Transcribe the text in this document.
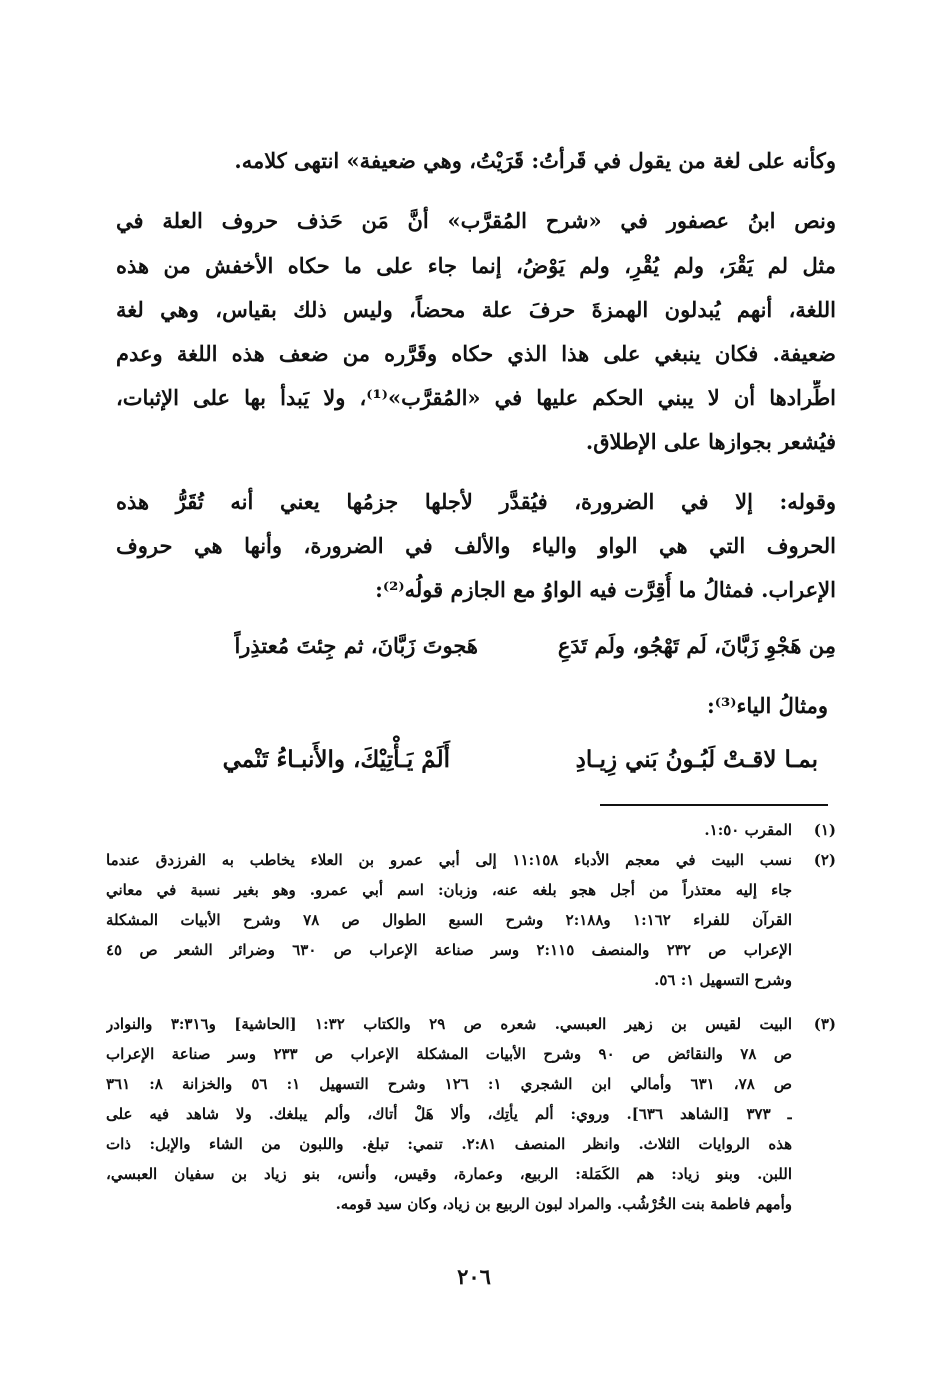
وكأنه على لغة من يقول في قَرأتُ: قَرَيْتُ، وهي ضعيفة» انتهى كلامه.
ونص ابنُ عصفور في «شرح المُقرَّب» أنَّ مَن حَذف حروف العلة في
مثل لم يَقْرَ، ولم يُقْرِ، ولم يَوْضُ، إنما جاء على ما حكاه الأخفش من هذه
اللغة، أنهم يُبدلون الهمزةَ حرفَ علة محضاً، وليس ذلك بقياس، وهي لغة
ضعيفة. فكان ينبغي على هذا الذي حكاه وقَرَّره من ضعف هذه اللغة وعدم
اطِّرادها أن لا يبني الحكم عليها في «المُقرَّب»⁽¹⁾، ولا يَبدأ بها على الإثبات،
فيُشعر بجوازها على الإطلاق.
وقوله: إلا في الضرورة، فيُقدَّر لأجلها جزمُها يعني أنه تُقَرُّ هذه
الحروف التي هي الواو والياء والألف في الضرورة، وأنها هي حروف
الإعراب. فمثالُ ما أُقِرَّت فيه الواوُ مع الجازم قولُه⁽²⁾:
هَجوتَ زَبَّانَ، ثم جِئتَ مُعتذِراً	مِن هَجْوِ زَبَّانَ، لَم تَهْجُو، ولَم تَدَعِ
ومثالُ الياء⁽³⁾:
أَلَمْ يَـأْتِيْكَ، والأَنبـاءُ تَنْمي	بمـا لاقـتْ لَبُـونُ بَني زِيـادِ
(١)
المقرب ١:٥٠.
(٢)
نسب البيت في معجم الأدباء ١١:١٥٨ إلى أبي عمرو بن العلاء يخاطب به الفرزدق عندما
جاء إليه معتذراً من أجل هجو بلغه عنه، وزبان: اسم أبي عمرو. وهو بغير نسبة في معاني
القرآن للفراء ١:١٦٢ و٢:١٨٨ وشرح السبع الطوال ص ٧٨ وشرح الأبيات المشكلة
الإعراب ص ٢٣٢ والمنصف ٢:١١٥ وسر صناعة الإعراب ص ٦٣٠ وضرائر الشعر ص ٤٥
وشرح التسهيل ١: ٥٦.
(٣)
البيت لقيس بن زهير العبسي. شعره ص ٢٩ والكتاب ١:٣٢ [الحاشية] و٣:٣١٦ والنوادر
ص ٧٨ والنقائض ص ٩٠ وشرح الأبيات المشكلة الإعراب ص ٢٣٣ وسر صناعة الإعراب
ص ٧٨، ٦٣١ وأمالي ابن الشجري ١: ١٢٦ وشرح التسهيل ١: ٥٦ والخزانة ٨: ٣٦١
ـ ٣٧٣ [الشاهد ٦٣٦]. وروي: ألم يأتِك، وألا هَلْ أتاك، وألم يبلغك. ولا شاهد فيه على
هذه الروايات الثلاث. وانظر المنصف ٢:٨١. تنمي: تبلغ. واللبون من الشاء والإبل: ذات
اللبن. وبنو زياد: هم الكَمَلة: الربيع، وعمارة، وقيس، وأنس، بنو زياد بن سفيان العبسي،
وأمهم فاطمة بنت الخُرْشُب. والمراد لبون الربيع بن زياد، وكان سيد قومه.
٢٠٦
